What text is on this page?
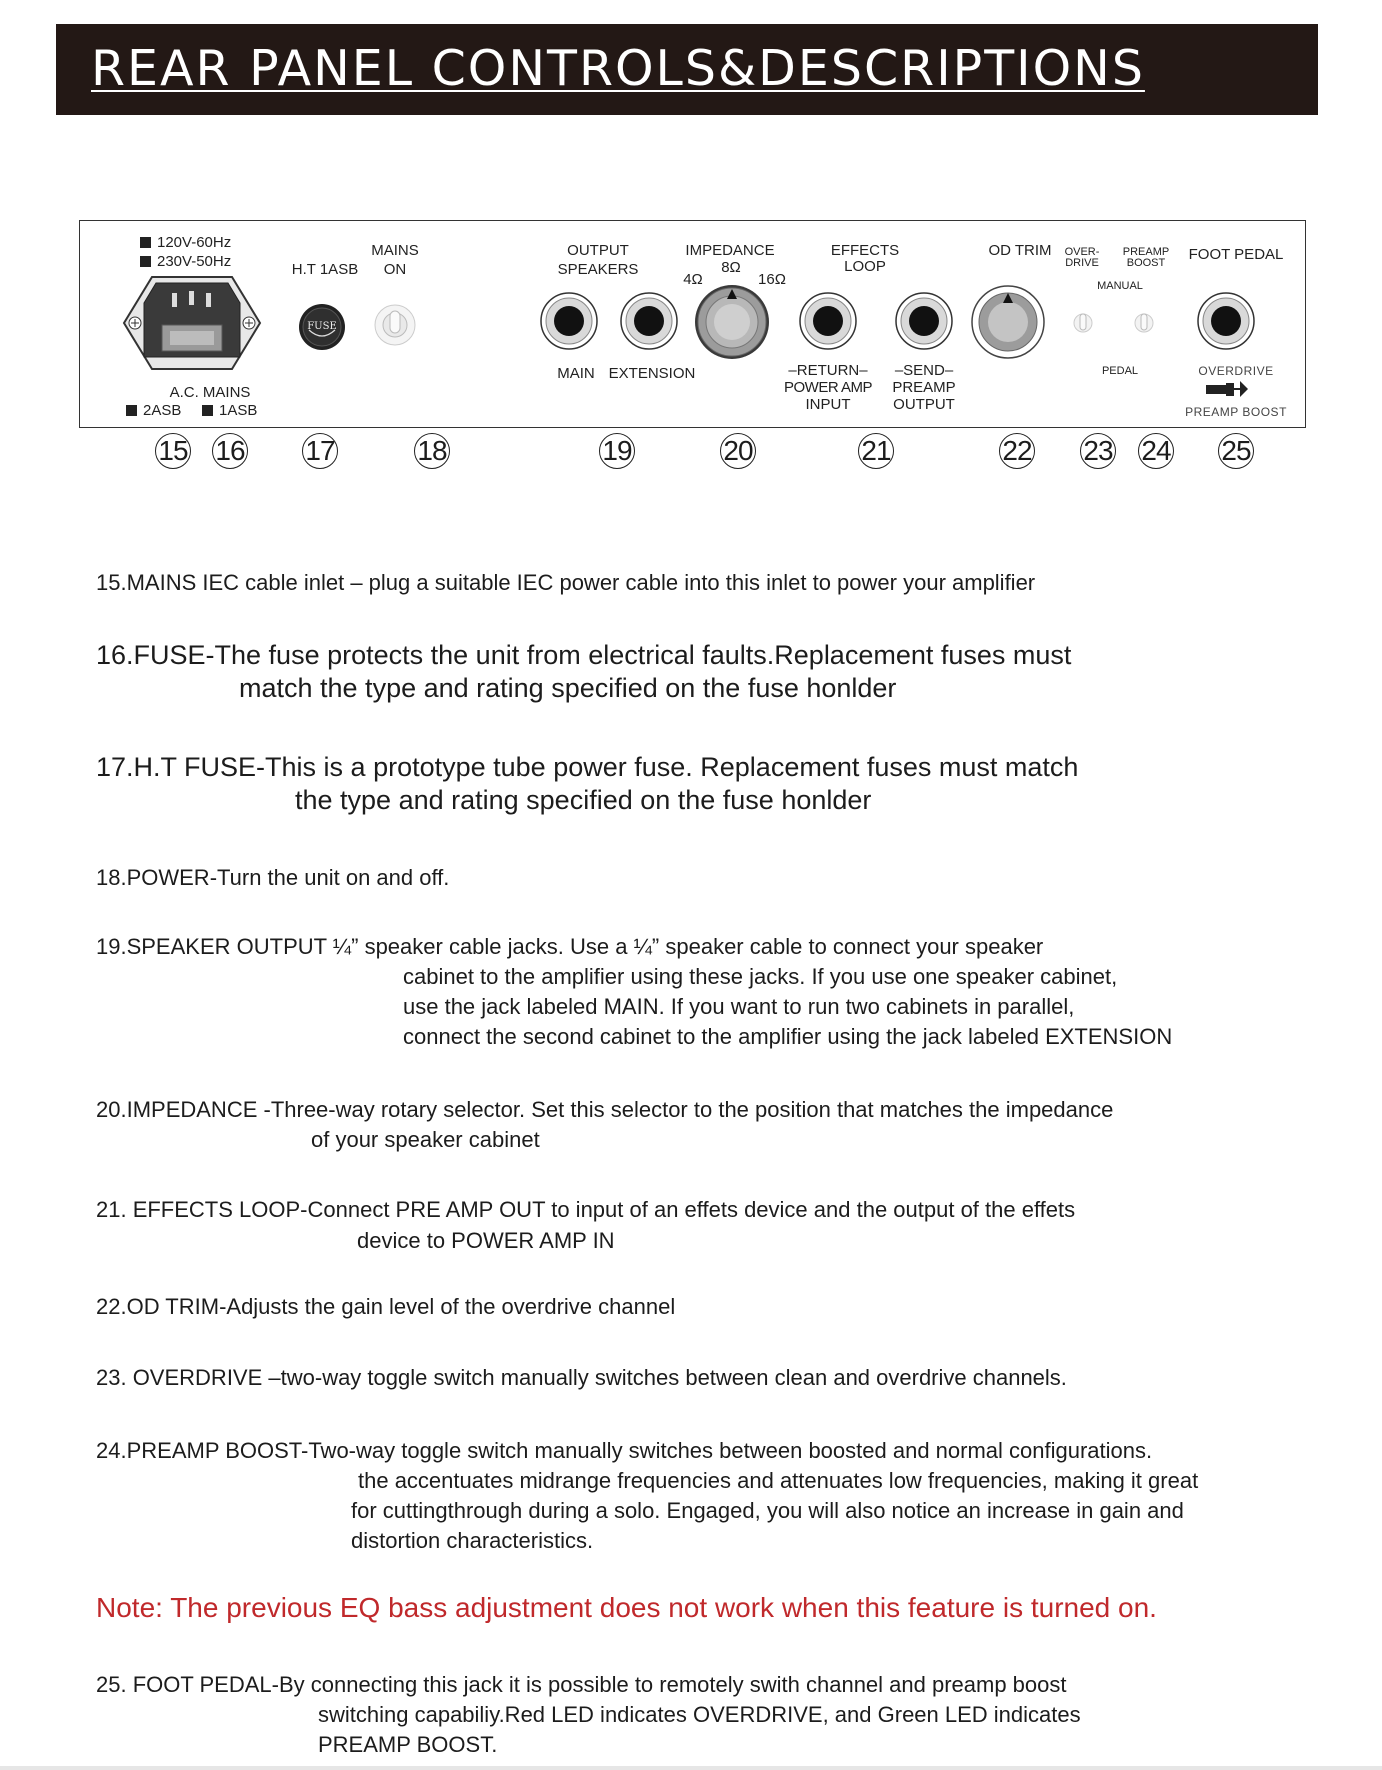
REAR PANEL CONTROLS&DESCRIPTIONS
120V-60Hz
230V-50Hz
A.C. MAINS
2ASB	1ASB
H.T 1ASB
FUSE
MAINS
ON
OUTPUT
SPEAKERS
MAIN EXTENSION
IMPEDANCE
4Ω
8Ω
16Ω
EFFECTS
LOOP
–RETURN–
POWER AMP
INPUT
–SEND–
PREAMP
OUTPUT
OD TRIM	OVER-
DRIVE
PREAMP
BOOST
MANUAL
PEDAL
FOOT PEDAL
OVERDRIVE
PREAMP BOOST
15 16 17	18	19	20	21	22 23 24 25

15.MAINS IEC cable inlet – plug a suitable IEC power cable into this inlet to power your amplifier

16.FUSE-The fuse protects the unit from electrical faults.Replacement fuses must
match the type and rating specified on the fuse honlder

17.H.T FUSE-This is a prototype tube power fuse. Replacement fuses must match
the type and rating specified on the fuse honlder

18.POWER-Turn the unit on and off.

19.SPEAKER OUTPUT ¼” speaker cable jacks. Use a ¼” speaker cable to connect your speaker
cabinet to the amplifier using these jacks. If you use one speaker cabinet,
use the jack labeled MAIN. If you want to run two cabinets in parallel,
connect the second cabinet to the amplifier using the jack labeled EXTENSION

20.IMPEDANCE -Three-way rotary selector. Set this selector to the position that matches the impedance
of your speaker cabinet

21. EFFECTS LOOP-Connect PRE AMP OUT to input of an effets device and the output of the effets
device to POWER AMP IN

22.OD TRIM-Adjusts the gain level of the overdrive channel

23. OVERDRIVE –two-way toggle switch manually switches between clean and overdrive channels.

24.PREAMP BOOST-Two-way toggle switch manually switches between boosted and normal configurations.
the accentuates midrange frequencies and attenuates low frequencies, making it great
for cuttingthrough during a solo. Engaged, you will also notice an increase in gain and
distortion characteristics.

Note: The previous EQ bass adjustment does not work when this feature is turned on.

25. FOOT PEDAL-By connecting this jack it is possible to remotely swith channel and preamp boost
switching capabiliy.Red LED indicates OVERDRIVE, and Green LED indicates
PREAMP BOOST.
